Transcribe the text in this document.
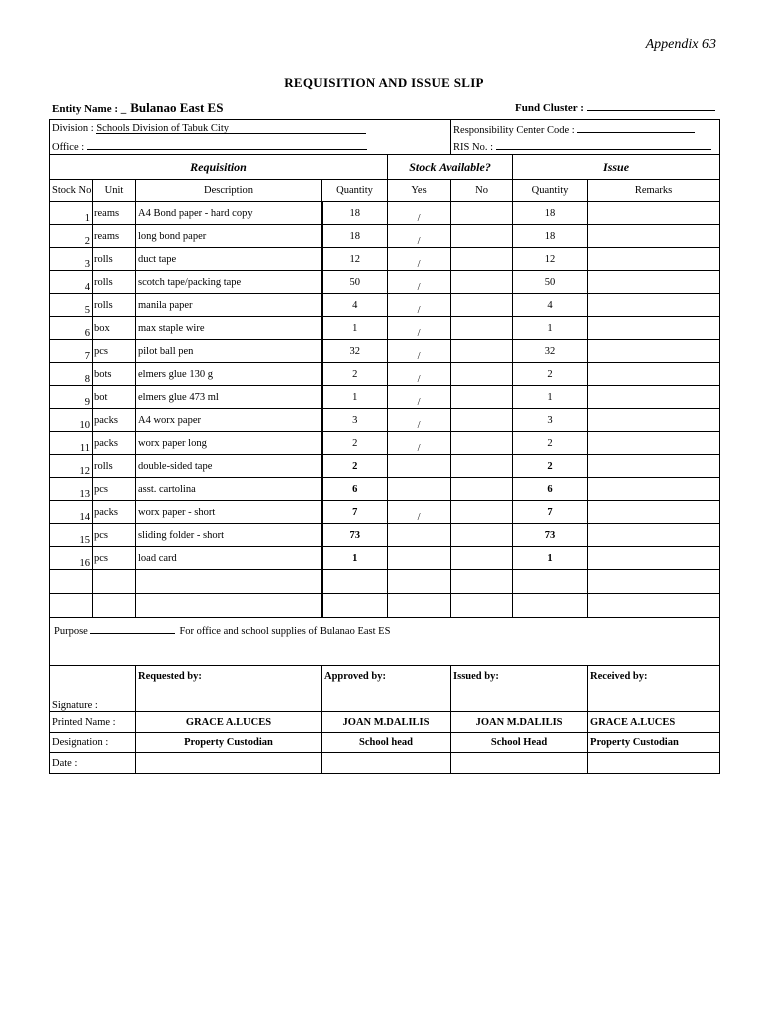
Appendix 63
REQUISITION AND ISSUE SLIP
Entity Name : _ Bulanao East ES	Fund Cluster :
Division : Schools Division of Tabuk City					Responsibility Center Code :		
Office :					RIS No. :		
Requisition				Stock Available?		Issue	
Stock No	Unit	Description	Quantity	Yes	No	Quantity	Remarks
1	reams	A4 Bond paper - hard copy	18	/		18	
2	reams	long bond paper	18	/		18	
3	rolls	duct tape	12	/		12	
4	rolls	scotch tape/packing tape	50	/		50	
5	rolls	manila paper	4	/		4	
6	box	max staple wire	1	/		1	
7	pcs	pilot ball pen	32	/		32	
8	bots	elmers glue 130 g	2	/		2	
9	bot	elmers glue 473 ml	1	/		1	
10	packs	A4 worx paper	3	/		3	
11	packs	worx paper long	2	/		2	
12	rolls	double-sided tape	2			2	
13	pcs	asst. cartolina	6			6	
14	packs	worx paper - short	7	/		7	
15	pcs	sliding folder - short	73			73	
16	pcs	load card	1			1	

Purpose For office and school supplies of Bulanao East ES							

Signature :		Requested by:	Approved by:		Issued by:		Received by:
Printed Name :		GRACE A.LUCES	JOAN M.DALILIS		JOAN M.DALILIS		GRACE A.LUCES
Designation :		Property Custodian	School head		School Head		Property Custodian
Date :							
